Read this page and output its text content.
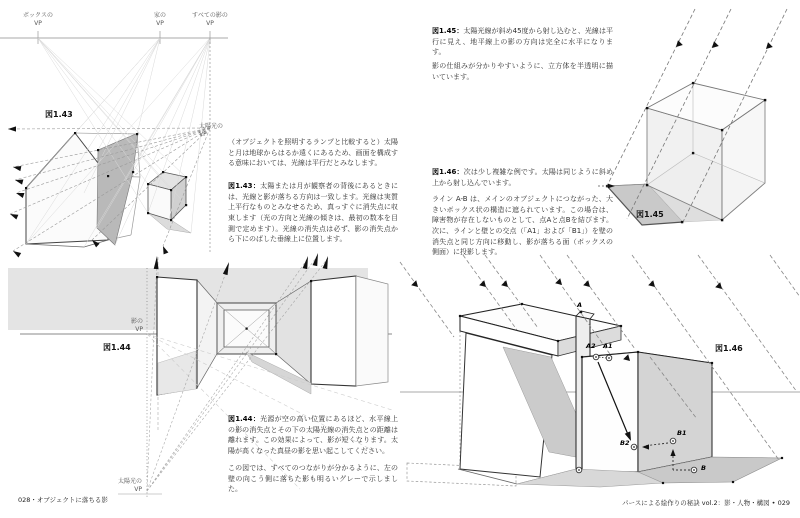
ボックスの
VP
家の
VP
すべての影の
VP
太陽光の
VP
図1.43

（オブジェクトを照明するランプと比較すると）太陽と月は地球からはるか遠くにあるため、画面を構成する意味においては、光線は平行だとみなします。

図1.43：太陽または月が観察者の背後にあるときには、光線と影が落ちる方向は一致します。光線は実質上平行なものとみなせるため、真っすぐに消失点に収束します（光の方向と光線の傾きは、最初の数本を目測で定めます）。光線の消失点は必ず、影の消失点から下にのばした垂線上に位置します。

影の
VP
図1.44
太陽光の
VP

図1.44：光源が空の高い位置にあるほど、水平線上の影の消失点とその下の太陽光線の消失点との距離は離れます。この効果によって、影が短くなります。太陽が高くなった真昼の影を思い起こしてください。

この図では、すべてのつながりが分かるように、左の壁の向こう側に落ちた影も明るいグレーで示しました。

028・オブジェクトに落ちる影

図1.45：太陽光線が斜め45度から射し込むと、光線は平行に見え、地平線上の影の方向は完全に水平になります。

影の仕組みが分かりやすいように、立方体を半透明に描いています。

図1.45

図1.46：次は少し複雑な例です。太陽は同じように斜め上から射し込んでいます。

ライン A-B は、メインのオブジェクトにつながった、大きいボックス状の構造に遮られています。この場合は、障害物が存在しないものとして、点Aと点Bを結びます。次に、ラインと壁との交点（「A1」および「B1」）を壁の消失点と同じ方向に移動し、影が落ちる面（ボックスの側面）に投影します。

図1.46
A
A2 A1
B2
B1
B
パースによる絵作りの秘訣 vol.2：影・人物・構図 • 029
